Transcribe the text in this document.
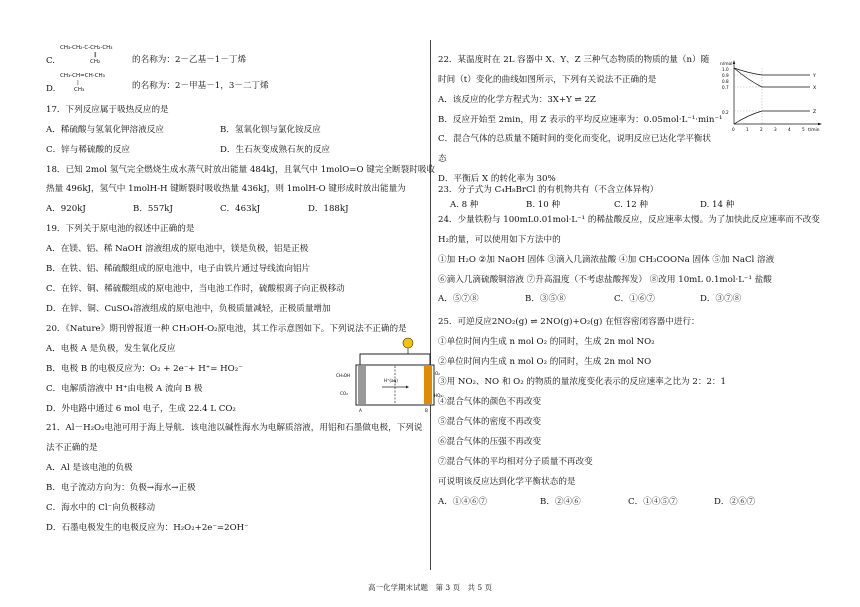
C.
CH₃-CH₂-C-CH₂-CH₃
‖
CH₂	的名称为：2－乙基－1－丁烯
D.
CH₃-CH=CH-CH₃
|
CH₃	的名称为：2－甲基－1，3－二丁烯
17．下列反应属于吸热反应的是
A．稀硫酸与氢氧化钾溶液反应	B．氢氧化钡与氯化铵反应
C．锌与稀硫酸的反应	D．生石灰变成熟石灰的反应
18．已知 2mol 氢气完全燃烧生成水蒸气时放出能量 484kJ，且氧气中 1molO=O 键完全断裂时吸收
热量 496kJ，氢气中 1molH-H 键断裂时吸收热量 436kJ，则 1molH-O 键形成时放出能量为
A．920kJ	B．557kJ	C．463kJ	D．188kJ
19．下列关于原电池的叙述中正确的是
A．在镁、铝、稀 NaOH 溶液组成的原电池中，镁是负极，铝是正极
B．在铁、铝、稀硫酸组成的原电池中，电子由铁片通过导线流向铝片
C．在锌、铜、稀硫酸组成的原电池中，当电池工作时，硫酸根离子向正极移动
D．在锌、铜、CuSO₄溶液组成的原电池中，负极质量减轻，正极质量增加
20．《Nature》期刊曾报道一种 CH₃OH-O₂原电池，其工作示意图如下。下列说法不正确的是
A．电极 A 是负极，发生氧化反应
B．电极 B 的电极反应为：O₂ + 2e⁻+ H⁺= HO₂⁻
C．电解质溶液中 H⁺由电极 A 流向 B 极
D．外电路中通过 6 mol 电子，生成 22.4 L CO₂
CH₃OH
CO₂
H⁺(aq)
O₂
HO₂⁻
A	B
21．Al－H₂O₂电池可用于海上导航．该电池以碱性海水为电解质溶液，用铝和石墨做电极，下列说
法不正确的是
A．Al 是该电池的负极
B．电子流动方向为：负极→海水→正极
C．海水中的 Cl⁻向负极移动
D．石墨电极发生的电极反应为：H₂O₂+2e⁻=2OH⁻
22．某温度时在 2L 容器中 X、Y、Z 三种气态物质的物质的量（n）随
时间（t）变化的曲线如图所示，下列有关说法不正确的是
A．该反应的化学方程式为：3X+Y ⇌ 2Z
B．反应开始至 2min，用 Z 表示的平均反应速率为：0.05mol·L⁻¹·min⁻¹
C．混合气体的总质量不随时间的变化而变化，说明反应已达化学平衡状
态
D．平衡后 X 的转化率为 30%
n/mol
t/min
1.0
0.9
0.8
0.7
0.2
0	1	2	3	4	5
Y
X
Z
23．分子式为 C₄H₈BrCl 的有机物共有（不含立体异构）
A. 8 种	B. 10 种	C. 12 种	D. 14 种
24．少量铁粉与 100mL0.01mol·L⁻¹ 的稀盐酸反应，反应速率太慢。为了加快此反应速率而不改变
H₂的量，可以使用如下方法中的
①加 H₂O ②加 NaOH 固体 ③滴入几滴浓盐酸 ④加 CH₃COONa 固体 ⑤加 NaCl 溶液
⑥滴入几滴硫酸铜溶液 ⑦升高温度（不考虑盐酸挥发） ⑧改用 10mL 0.1mol·L⁻¹ 盐酸
A．⑤⑦⑧	B．③⑤⑧	C．①⑥⑦	D．③⑦⑧
25．可逆反应2NO₂(g) ⇌ 2NO(g)+O₂(g) 在恒容密闭容器中进行：
①单位时间内生成 n mol O₂ 的同时，生成 2n mol NO₂
②单位时间内生成 n mol O₂ 的同时，生成 2n mol NO
③用 NO₂、NO 和 O₂ 的物质的量浓度变化表示的反应速率之比为 2：2：1
④混合气体的颜色不再改变
⑤混合气体的密度不再改变
⑥混合气体的压强不再改变
⑦混合气体的平均相对分子质量不再改变
可说明该反应达到化学平衡状态的是
A．①④⑥⑦	B．②④⑥	C．①④⑤⑦	D．②⑥⑦
高一化学期末试题　第 3 页　共 5 页
